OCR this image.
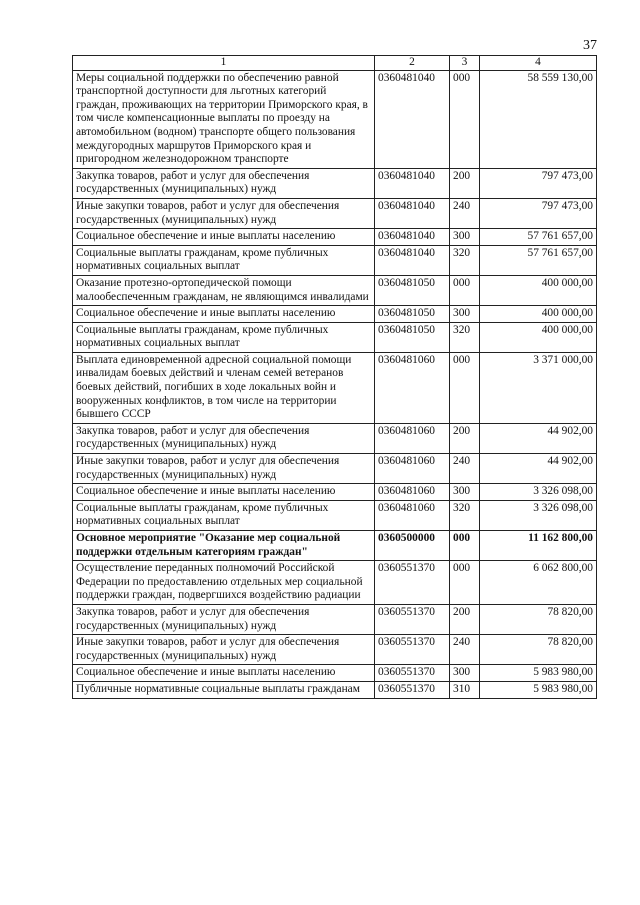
37
1	2	3	4
Меры социальной поддержки по обеспечению равной транспортной доступности для льготных категорий граждан, проживающих на территории Приморского края, в том числе компенсационные выплаты по проезду на автомобильном (водном) транспорте общего пользования междугородных маршрутов Приморского края и пригородном железнодорожном транспорте	0360481040	000	58 559 130,00
Закупка товаров, работ и услуг для обеспечения государственных (муниципальных) нужд	0360481040	200	797 473,00
Иные закупки товаров, работ и услуг для обеспечения государственных (муниципальных) нужд	0360481040	240	797 473,00
Социальное обеспечение и иные выплаты населению	0360481040	300	57 761 657,00
Социальные выплаты гражданам, кроме публичных нормативных социальных выплат	0360481040	320	57 761 657,00
Оказание протезно-ортопедической помощи малообеспеченным гражданам, не являющимся инвалидами	0360481050	000	400 000,00
Социальное обеспечение и иные выплаты населению	0360481050	300	400 000,00
Социальные выплаты гражданам, кроме публичных нормативных социальных выплат	0360481050	320	400 000,00
Выплата единовременной адресной социальной помощи инвалидам боевых действий и членам семей ветеранов боевых действий, погибших в ходе локальных войн и вооруженных конфликтов, в том числе на территории бывшего СССР	0360481060	000	3 371 000,00
Закупка товаров, работ и услуг для обеспечения государственных (муниципальных) нужд	0360481060	200	44 902,00
Иные закупки товаров, работ и услуг для обеспечения государственных (муниципальных) нужд	0360481060	240	44 902,00
Социальное обеспечение и иные выплаты населению	0360481060	300	3 326 098,00
Социальные выплаты гражданам, кроме публичных нормативных социальных выплат	0360481060	320	3 326 098,00
Основное мероприятие "Оказание мер социальной поддержки отдельным категориям граждан"	0360500000	000	11 162 800,00
Осуществление переданных полномочий Российской Федерации по предоставлению отдельных мер социальной поддержки граждан, подвергшихся воздействию радиации	0360551370	000	6 062 800,00
Закупка товаров, работ и услуг для обеспечения государственных (муниципальных) нужд	0360551370	200	78 820,00
Иные закупки товаров, работ и услуг для обеспечения государственных (муниципальных) нужд	0360551370	240	78 820,00
Социальное обеспечение и иные выплаты населению	0360551370	300	5 983 980,00
Публичные нормативные социальные выплаты гражданам	0360551370	310	5 983 980,00
